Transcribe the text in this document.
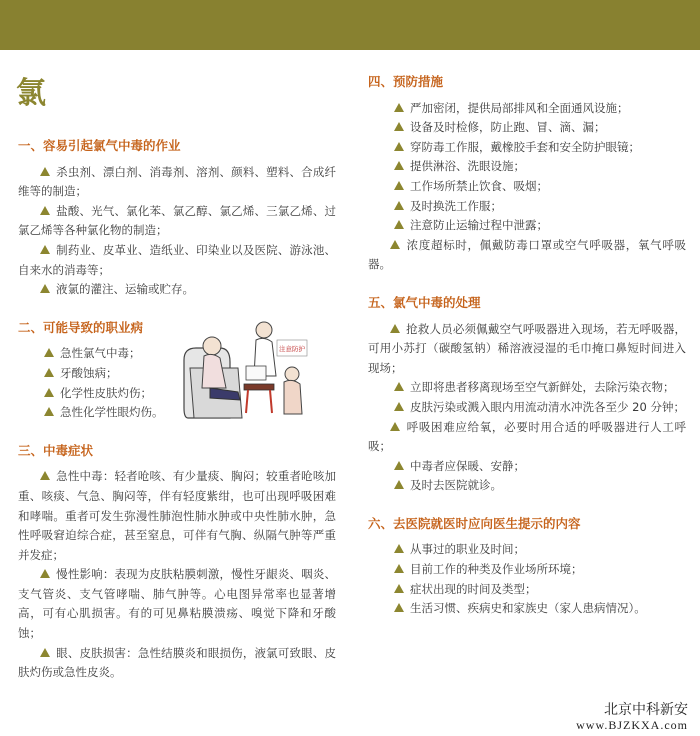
氯
一、容易引起氯气中毒的作业

杀虫剂、漂白剂、消毒剂、溶剂、颜料、塑料、合成纤维等的制造；

盐酸、光气、氯化苯、氯乙醇、氯乙烯、三氯乙烯、过氯乙烯等各种氯化物的制造；

制药业、皮革业、造纸业、印染业以及医院、游泳池、自来水的消毒等；

液氯的灌注、运输或贮存。

二、可能导致的职业病

急性氯气中毒；

牙酸蚀病；

化学性皮肤灼伤；

急性化学性眼灼伤。

三、中毒症状

急性中毒：轻者呛咳、有少量痰、胸闷；较重者呛咳加重、咳痰、气急、胸闷等，伴有轻度紫绀，也可出现呼吸困难和哮喘。重者可发生弥漫性肺泡性肺水肿或中央性肺水肿，急性呼吸窘迫综合症，甚至窒息，可伴有气胸、纵隔气肿等严重并发症；

慢性影响：表现为皮肤粘膜刺激，慢性牙龈炎、咽炎、支气管炎、支气管哮喘、肺气肿等。心电图异常率也显著增高，可有心肌损害。有的可见鼻粘膜溃疡、嗅觉下降和牙酸蚀；

眼、皮肤损害：急性结膜炎和眼损伤，液氯可致眼、皮肤灼伤或急性皮炎。

注意防护
四、预防措施

严加密闭，提供局部排风和全面通风设施；

设备及时检修，防止跑、冒、滴、漏；

穿防毒工作服，戴橡胶手套和安全防护眼镜；

提供淋浴、洗眼设施；

工作场所禁止饮食、吸烟；

及时换洗工作服；

注意防止运输过程中泄露；

浓度超标时，佩戴防毒口罩或空气呼吸器，氧气呼吸器。

五、氯气中毒的处理

抢救人员必须佩戴空气呼吸器进入现场，若无呼吸器，可用小苏打（碳酸氢钠）稀溶液浸湿的毛巾掩口鼻短时间进入现场；

立即将患者移离现场至空气新鲜处，去除污染衣物；

皮肤污染或溅入眼内用流动清水冲洗各至少 20 分钟；

呼吸困难应给氧，必要时用合适的呼吸器进行人工呼吸；

中毒者应保暖、安静；

及时去医院就诊。

六、去医院就医时应向医生提示的内容

从事过的职业及时间；

目前工作的种类及作业场所环境；

症状出现的时间及类型；

生活习惯、疾病史和家族史（家人患病情况）。

北京中科新安
www.BJZKXA.com
